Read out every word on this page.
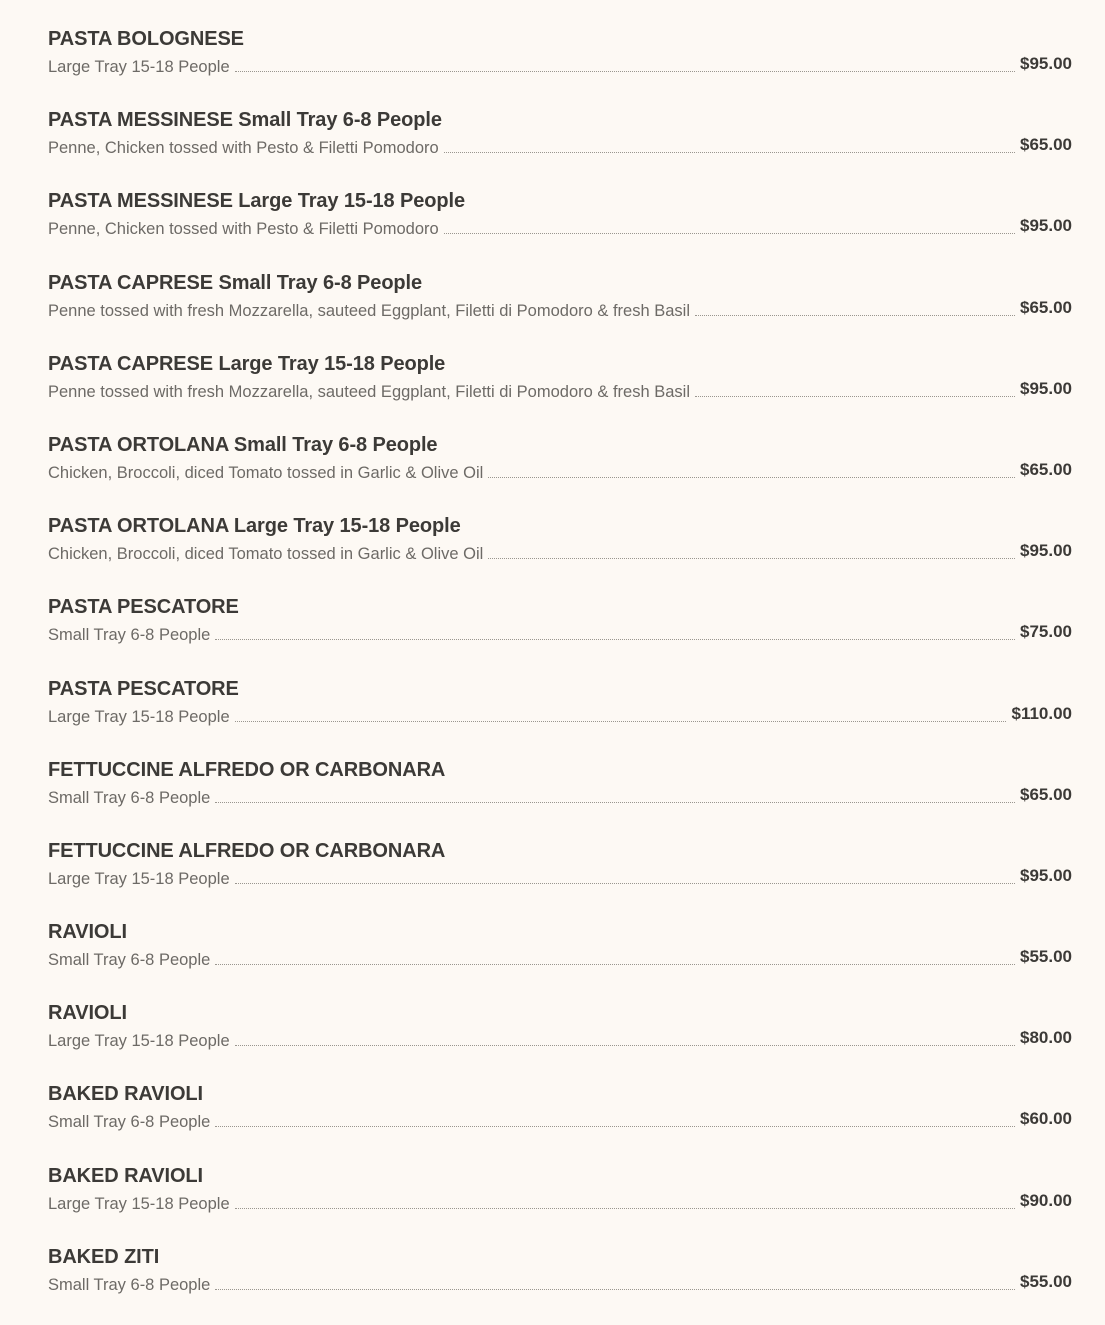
PASTA BOLOGNESE
Large Tray 15-18 People	$95.00
PASTA MESSINESE Small Tray 6-8 People
Penne, Chicken tossed with Pesto & Filetti Pomodoro	$65.00
PASTA MESSINESE Large Tray 15-18 People
Penne, Chicken tossed with Pesto & Filetti Pomodoro	$95.00
PASTA CAPRESE Small Tray 6-8 People
Penne tossed with fresh Mozzarella, sauteed Eggplant, Filetti di Pomodoro & fresh Basil	$65.00
PASTA CAPRESE Large Tray 15-18 People
Penne tossed with fresh Mozzarella, sauteed Eggplant, Filetti di Pomodoro & fresh Basil	$95.00
PASTA ORTOLANA Small Tray 6-8 People
Chicken, Broccoli, diced Tomato tossed in Garlic & Olive Oil	$65.00
PASTA ORTOLANA Large Tray 15-18 People
Chicken, Broccoli, diced Tomato tossed in Garlic & Olive Oil	$95.00
PASTA PESCATORE
Small Tray 6-8 People	$75.00
PASTA PESCATORE
Large Tray 15-18 People	$110.00
FETTUCCINE ALFREDO OR CARBONARA
Small Tray 6-8 People	$65.00
FETTUCCINE ALFREDO OR CARBONARA
Large Tray 15-18 People	$95.00
RAVIOLI
Small Tray 6-8 People	$55.00
RAVIOLI
Large Tray 15-18 People	$80.00
BAKED RAVIOLI
Small Tray 6-8 People	$60.00
BAKED RAVIOLI
Large Tray 15-18 People	$90.00
BAKED ZITI
Small Tray 6-8 People	$55.00
